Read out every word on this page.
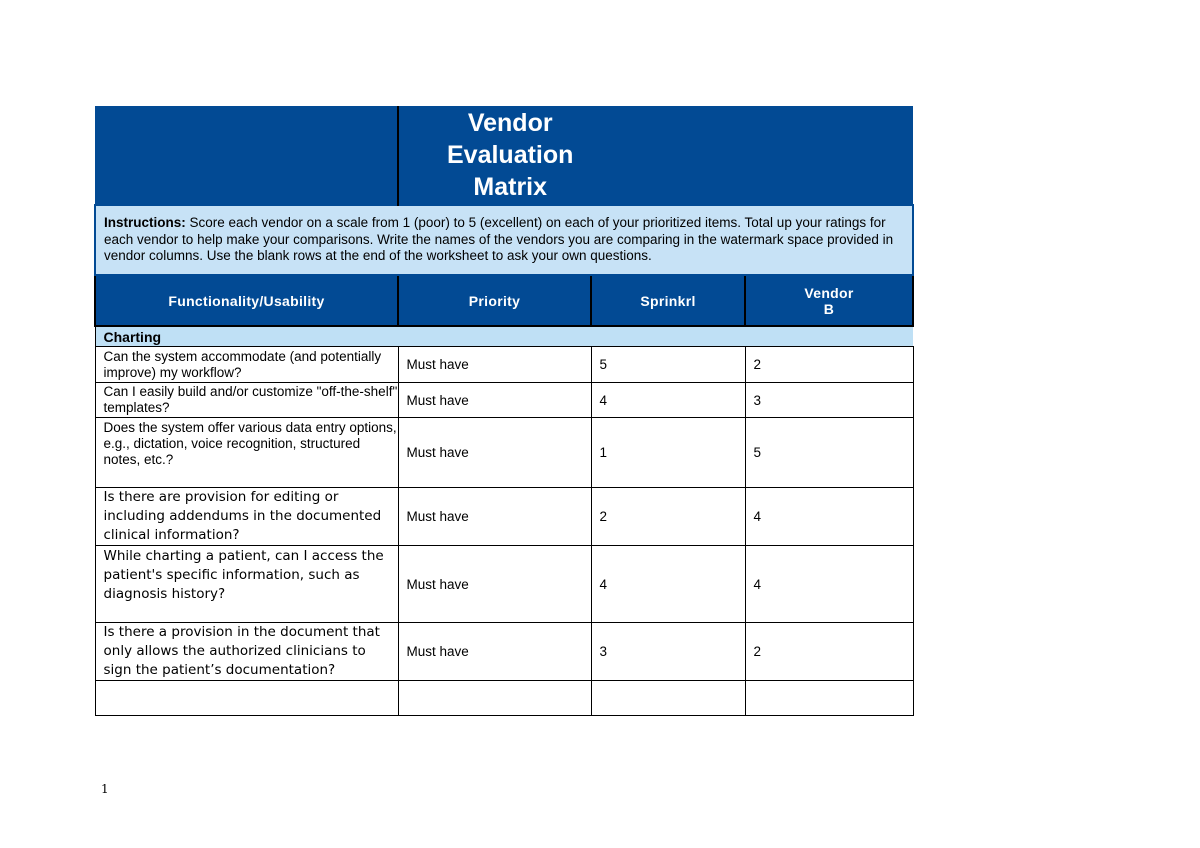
	Vendor
Evaluation
Matrix		

Instructions: Score each vendor on a scale from 1 (poor) to 5 (excellent) on each of your prioritized items. Total up your ratings for each vendor to help make your comparisons. Write the names of the vendors you are comparing in the watermark space provided in vendor columns. Use the blank rows at the end of the worksheet to ask your own questions.			
Functionality/Usability	Priority	Sprinkrl	Vendor
B

Charting			
Can the system accommodate (and potentially improve) my workflow?	Must have	5	2
Can I easily build and/or customize "off-the-shelf" templates?	Must have	4	3
Does the system offer various data entry options, e.g., dictation, voice recognition, structured notes, etc.?	Must have	1	5
Is there are provision for editing or including addendums in the documented clinical information?	Must have	2	4
While charting a patient, can I access the patient's specific information, such as diagnosis history?	Must have	4	4
Is there a provision in the document that only allows the authorized clinicians to sign the patient’s documentation?	Must have	3	2

1
